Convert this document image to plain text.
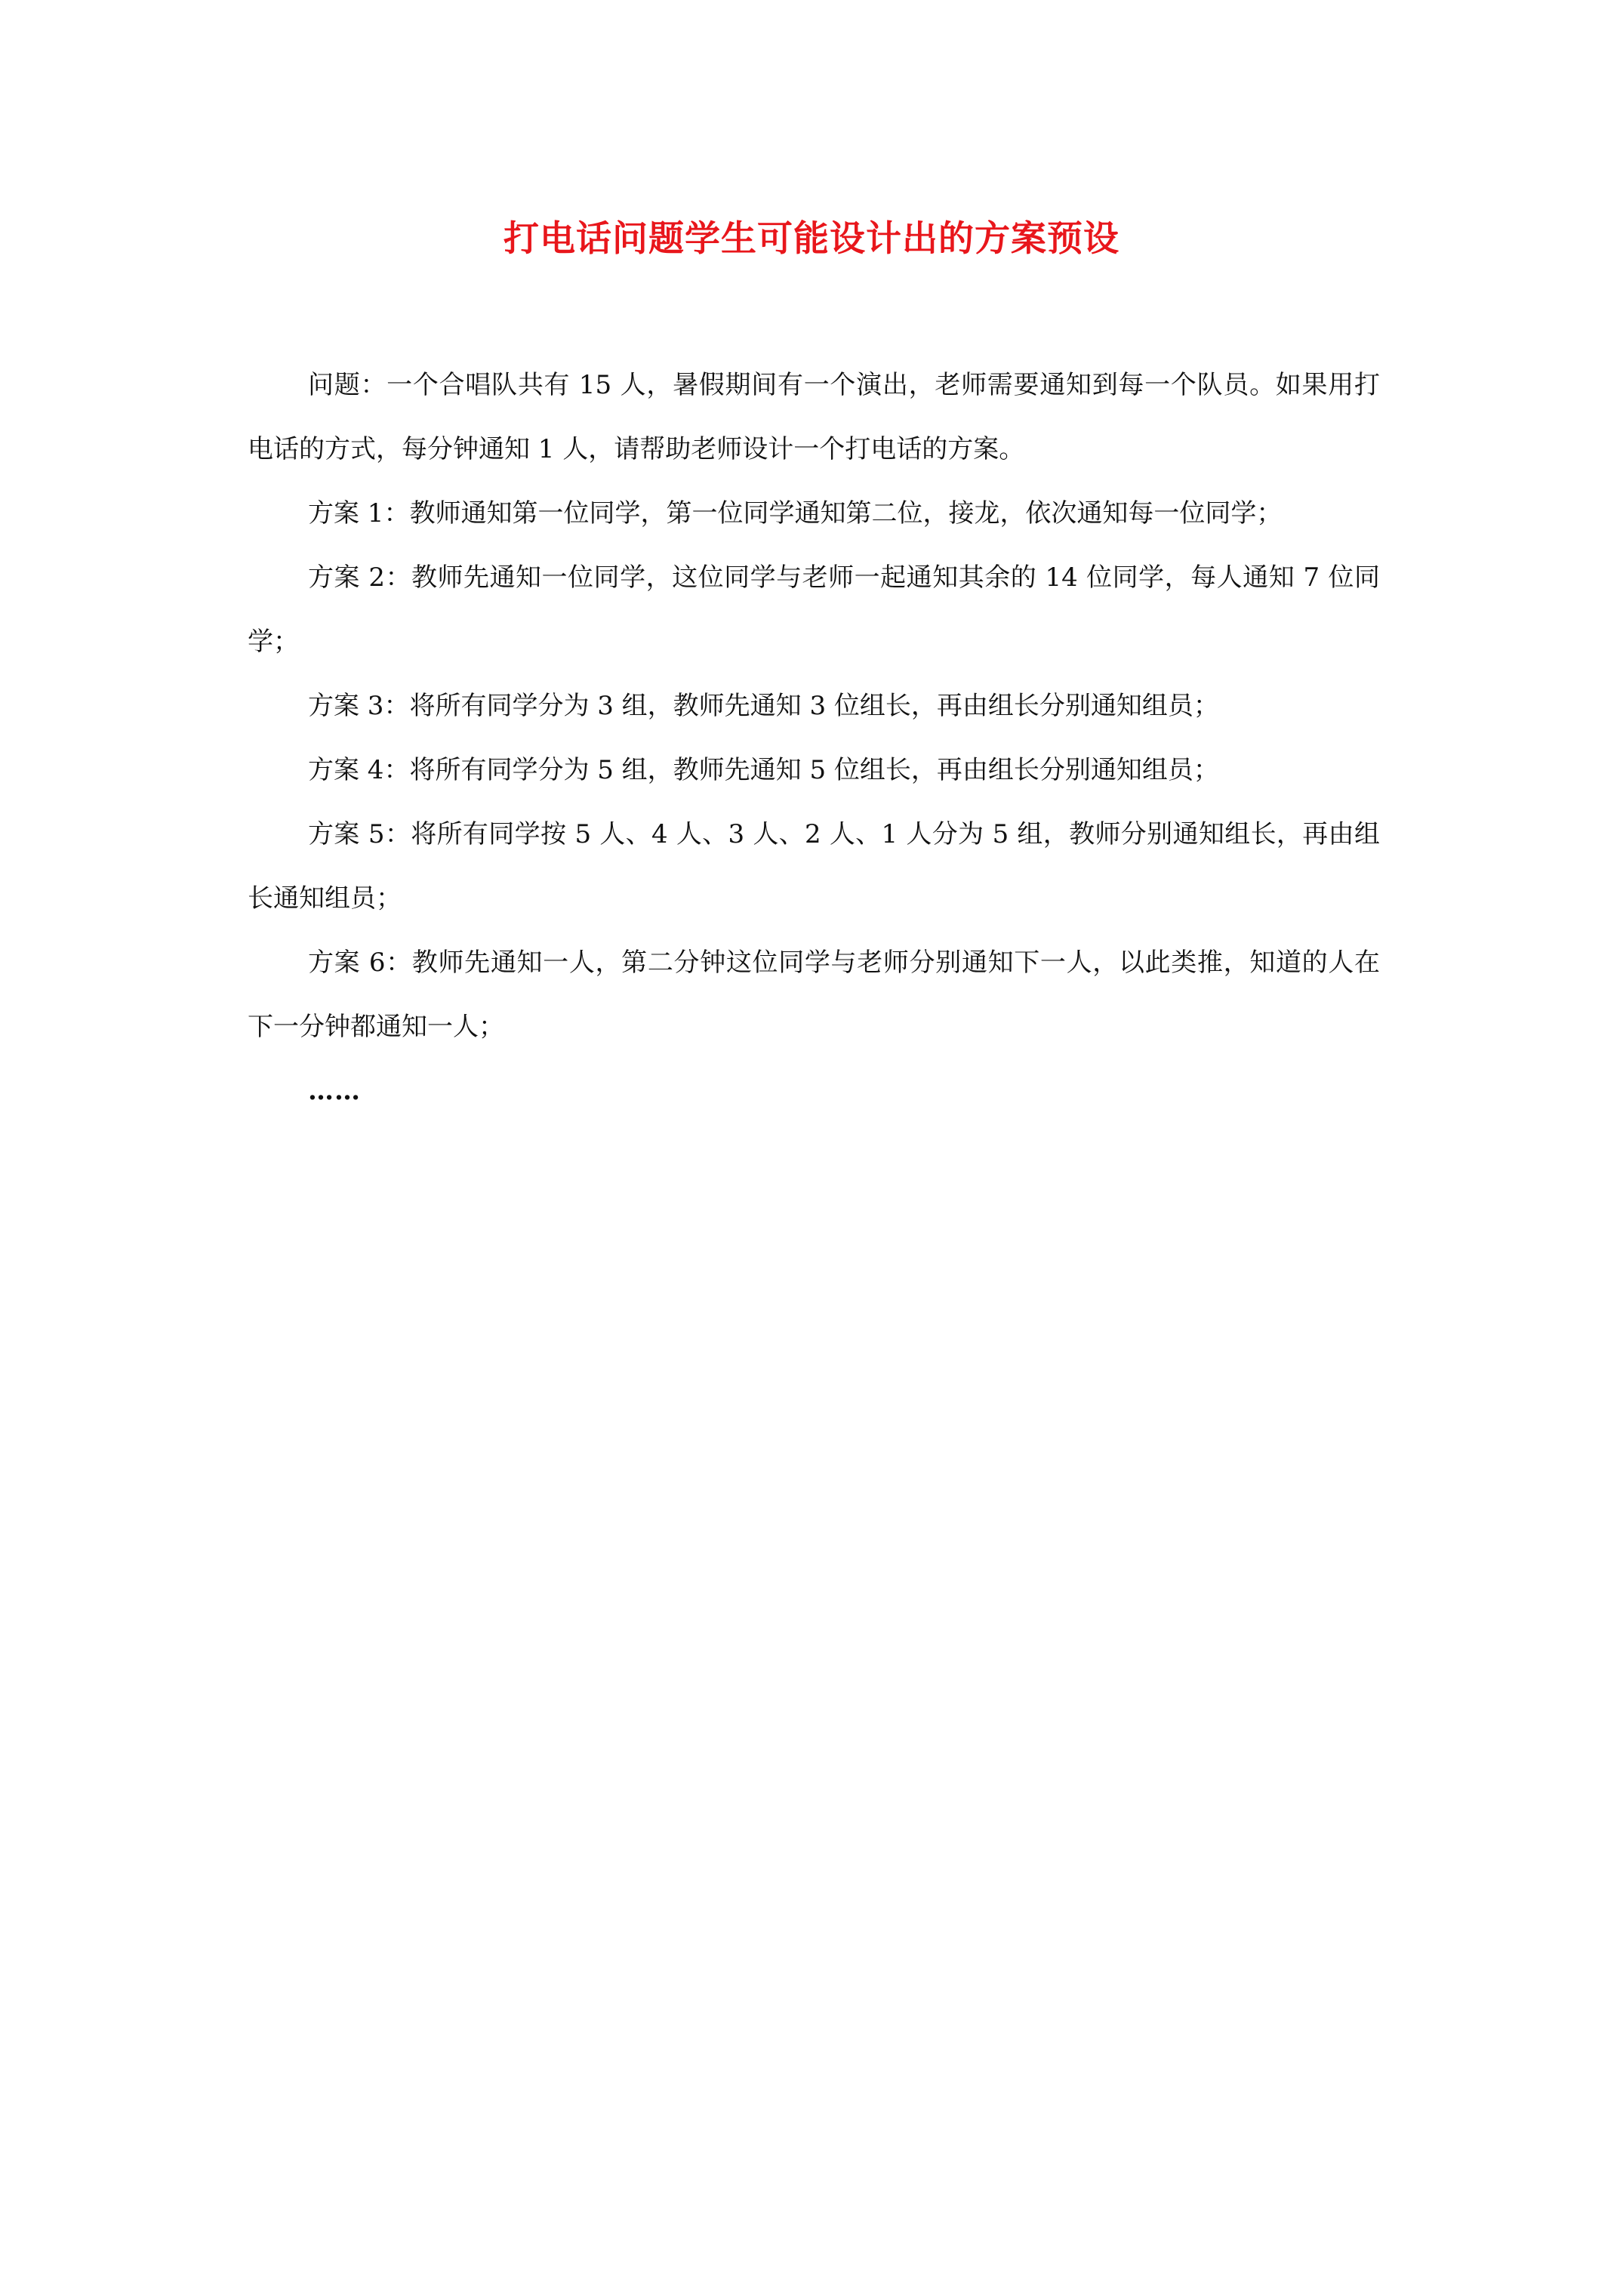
打电话问题学生可能设计出的方案预设

问题：一个合唱队共有 15 人，暑假期间有一个演出，老师需要通知到每一个队员。如果用打电话的方式，每分钟通知 1 人，请帮助老师设计一个打电话的方案。

方案 1：教师通知第一位同学，第一位同学通知第二位，接龙，依次通知每一位同学；

方案 2：教师先通知一位同学，这位同学与老师一起通知其余的 14 位同学，每人通知 7 位同学；

方案 3：将所有同学分为 3 组，教师先通知 3 位组长，再由组长分别通知组员；

方案 4：将所有同学分为 5 组，教师先通知 5 位组长，再由组长分别通知组员；

方案 5：将所有同学按 5 人、4 人、3 人、2 人、1 人分为 5 组，教师分别通知组长，再由组长通知组员；

方案 6：教师先通知一人，第二分钟这位同学与老师分别通知下一人，以此类推，知道的人在下一分钟都通知一人；

……
